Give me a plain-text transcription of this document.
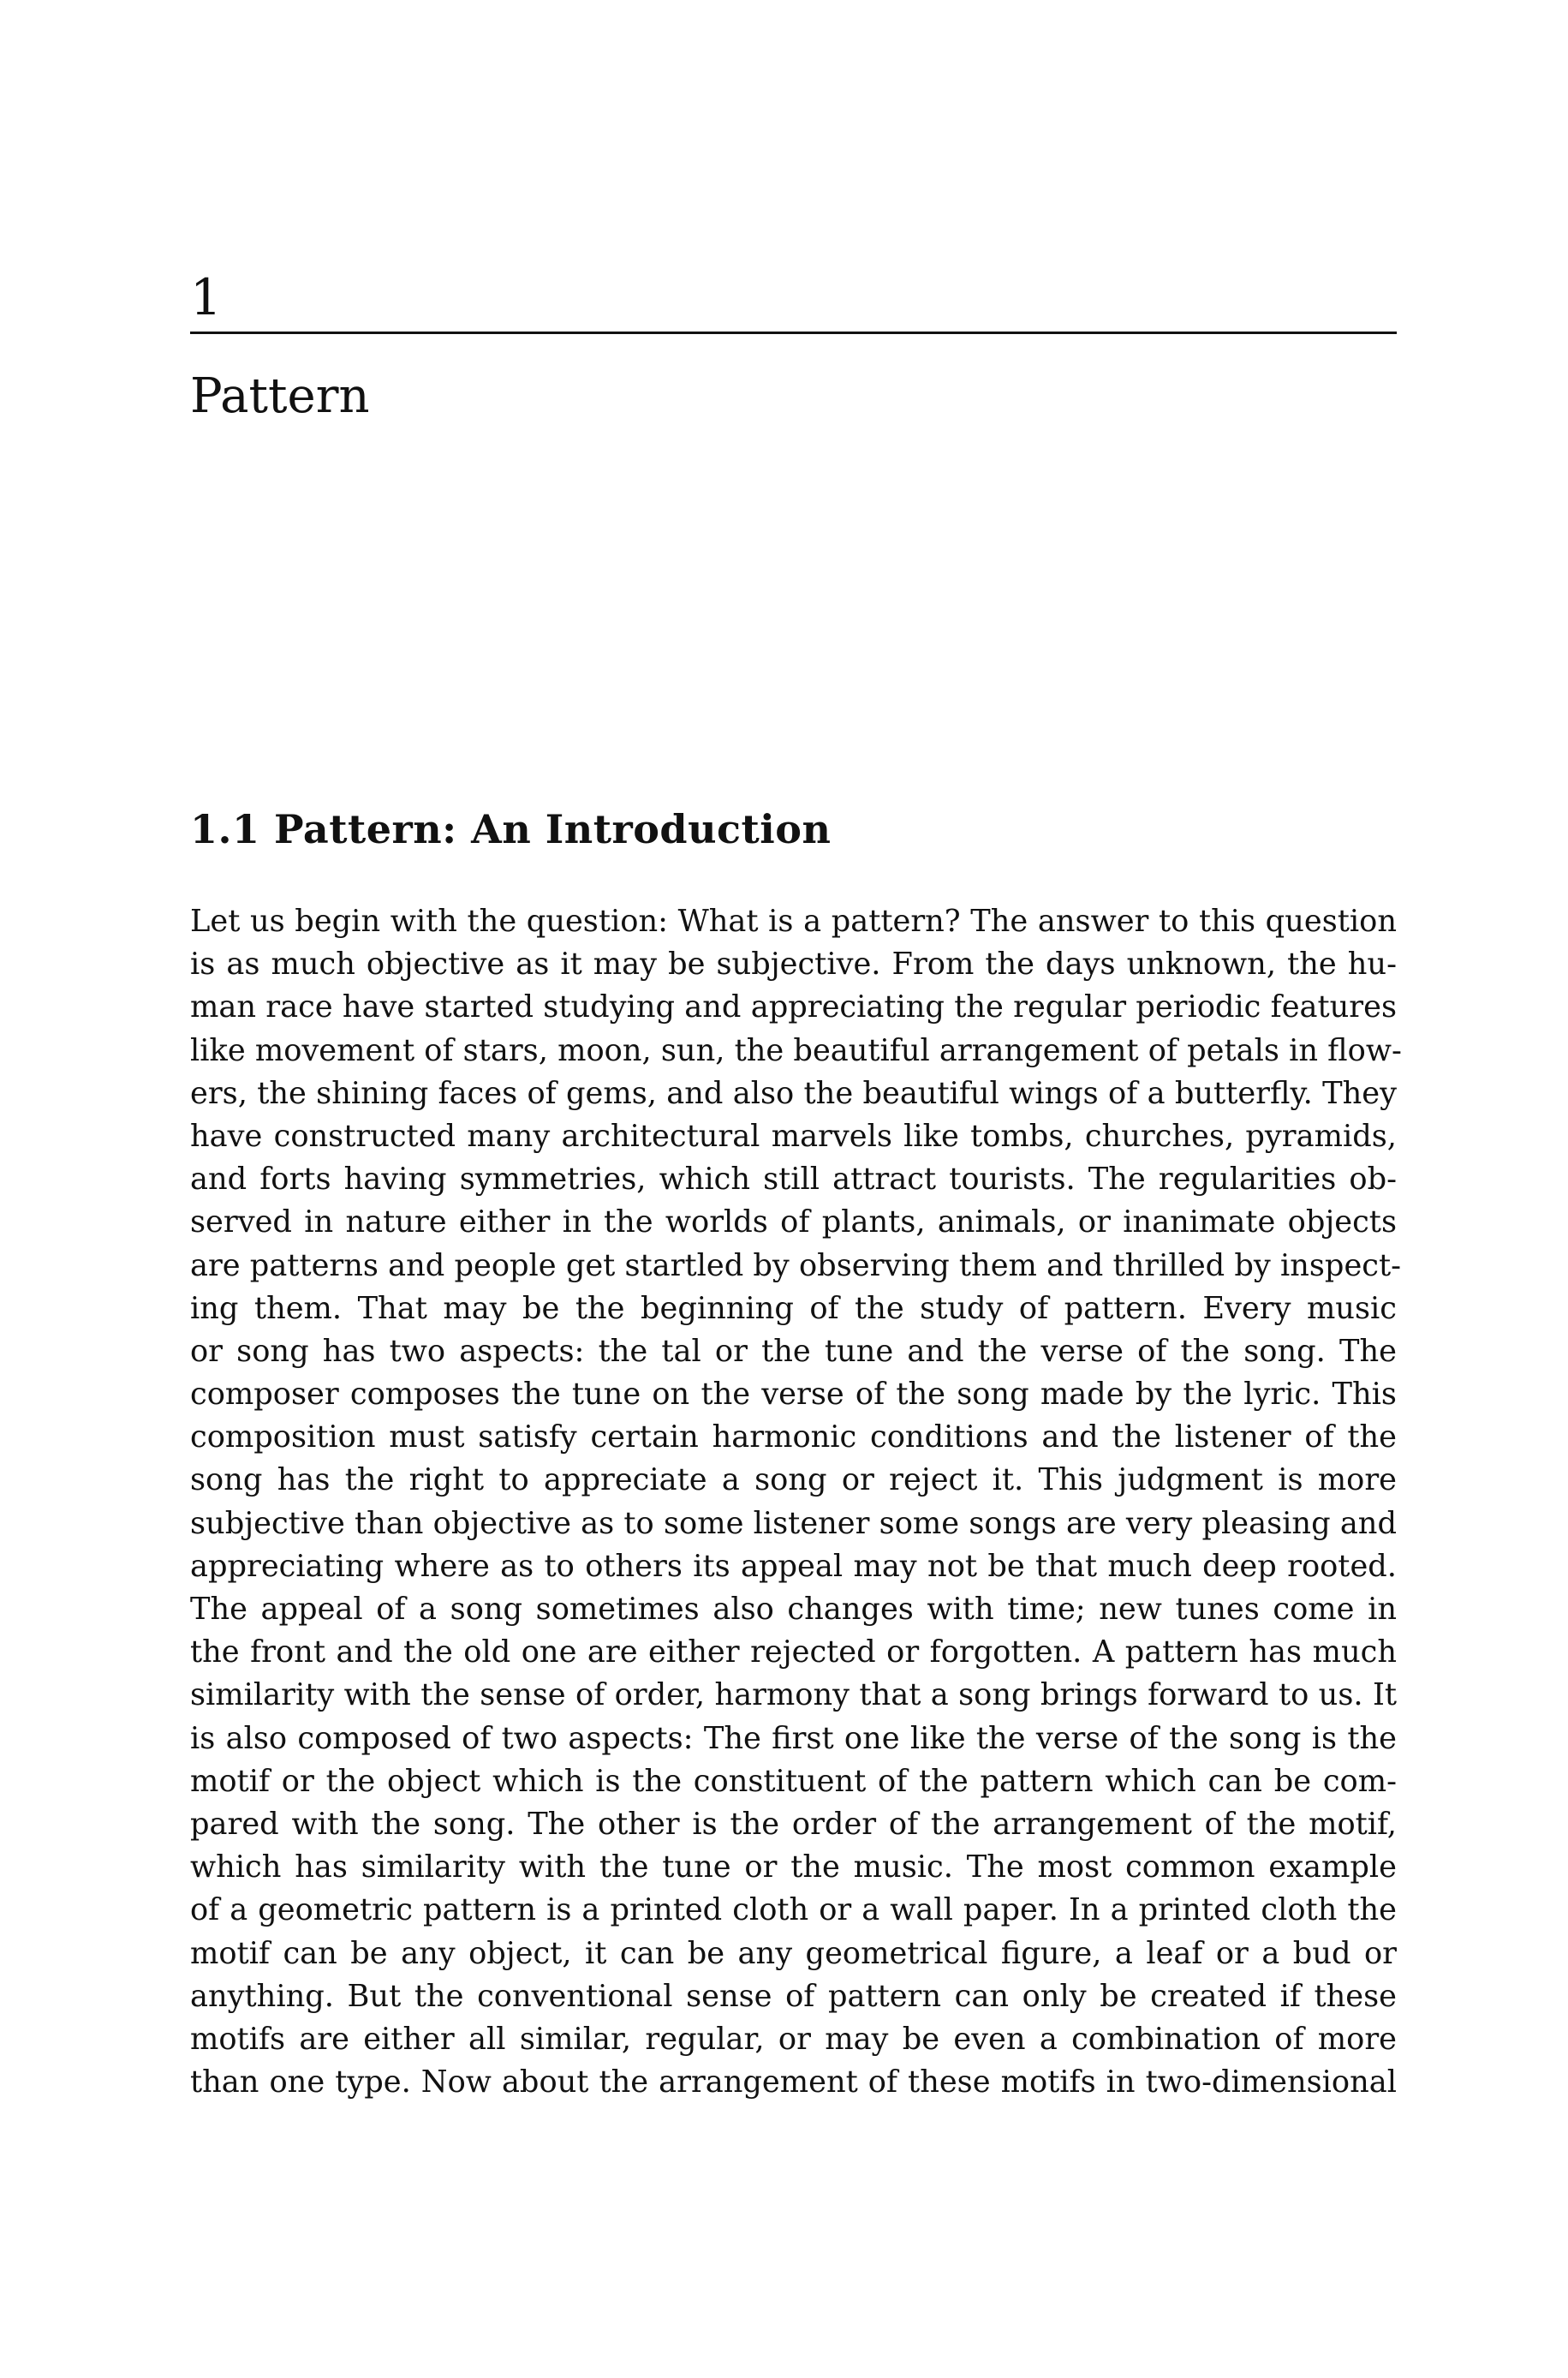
1
Pattern
1.1 Pattern: An Introduction
Let us begin with the question: What is a pattern? The answer to this question
is as much objective as it may be subjective. From the days unknown, the hu-
man race have started studying and appreciating the regular periodic features
like movement of stars, moon, sun, the beautiful arrangement of petals in flow-
ers, the shining faces of gems, and also the beautiful wings of a butterfly. They
have constructed many architectural marvels like tombs, churches, pyramids,
and forts having symmetries, which still attract tourists. The regularities ob-
served in nature either in the worlds of plants, animals, or inanimate objects
are patterns and people get startled by observing them and thrilled by inspect-
ing them. That may be the beginning of the study of pattern. Every music
or song has two aspects: the tal or the tune and the verse of the song. The
composer composes the tune on the verse of the song made by the lyric. This
composition must satisfy certain harmonic conditions and the listener of the
song has the right to appreciate a song or reject it. This judgment is more
subjective than objective as to some listener some songs are very pleasing and
appreciating where as to others its appeal may not be that much deep rooted.
The appeal of a song sometimes also changes with time; new tunes come in
the front and the old one are either rejected or forgotten. A pattern has much
similarity with the sense of order, harmony that a song brings forward to us. It
is also composed of two aspects: The first one like the verse of the song is the
motif or the object which is the constituent of the pattern which can be com-
pared with the song. The other is the order of the arrangement of the motif,
which has similarity with the tune or the music. The most common example
of a geometric pattern is a printed cloth or a wall paper. In a printed cloth the
motif can be any object, it can be any geometrical figure, a leaf or a bud or
anything. But the conventional sense of pattern can only be created if these
motifs are either all similar, regular, or may be even a combination of more
than one type. Now about the arrangement of these motifs in two-dimensional
